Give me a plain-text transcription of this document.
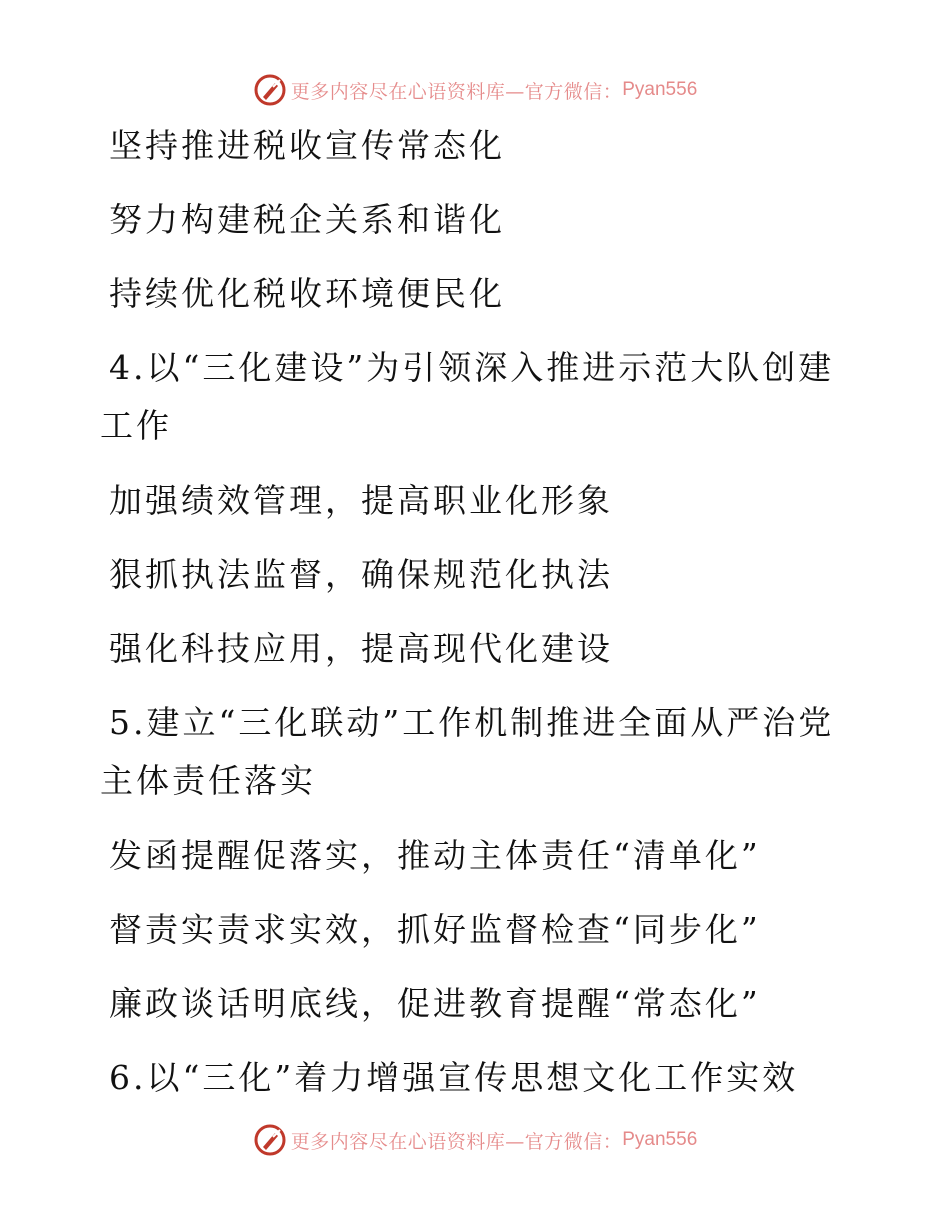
更多内容尽在心语资料库—官方微信： Pyan556

坚持推进税收宣传常态化

努力构建税企关系和谐化

持续优化税收环境便民化

4.以“三化建设”为引领深入推进示范大队创建

工作

加强绩效管理，提高职业化形象

狠抓执法监督，确保规范化执法

强化科技应用，提高现代化建设

5.建立“三化联动”工作机制推进全面从严治党

主体责任落实

发函提醒促落实，推动主体责任“清单化”

督责实责求实效，抓好监督检查“同步化”

廉政谈话明底线，促进教育提醒“常态化”

6.以“三化”着力增强宣传思想文化工作实效

更多内容尽在心语资料库—官方微信： Pyan556
